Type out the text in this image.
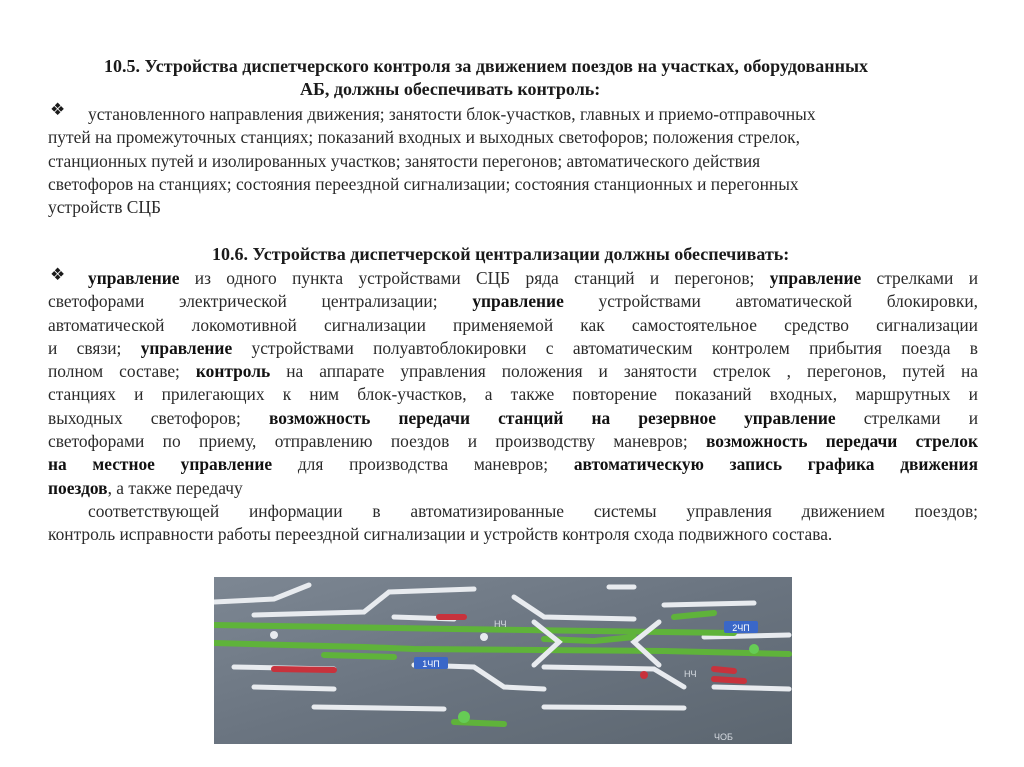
10.5. Устройства диспетчерского контроля за движением поездов на участках, оборудованных
АБ, должны обеспечивать контроль:
❖	установленного направления движения; занятости блок-участков, главных и приемо-отправочных
путей на промежуточных станциях; показаний входных и выходных светофоров; положения стрелок,
станционных путей и изолированных участков; занятости перегонов; автоматического действия
светофоров на станциях; состояния переездной сигнализации; состояния станционных и перегонных
устройств СЦБ
10.6. Устройства диспетчерской централизации должны обеспечивать:
❖	управление из одного пункта устройствами СЦБ ряда станций и перегонов; управление стрелками и
светофорами электрической централизации; управление устройствами автоматической блокировки,
автоматической локомотивной сигнализации применяемой как самостоятельное средство сигнализации
и связи; управление устройствами полуавтоблокировки с автоматическим контролем прибытия поезда в
полном составе; контроль на аппарате управления положения и занятости стрелок , перегонов, путей на
станциях и прилегающих к ним блок-участков, а также повторение показаний входных, маршрутных и
выходных светофоров; возможность передачи станций на резервное управление стрелками и
светофорами по приему, отправлению поездов и производству маневров; возможность передачи стрелок
на местное управление для производства маневров; автоматическую запись графика движения
поездов, а также передачу
соответствующей информации в автоматизированные системы управления движением поездов;
контроль исправности работы переездной сигнализации и устройств контроля схода подвижного состава.
1ЧП
2ЧП
НЧ
НЧ
ЧОБ
